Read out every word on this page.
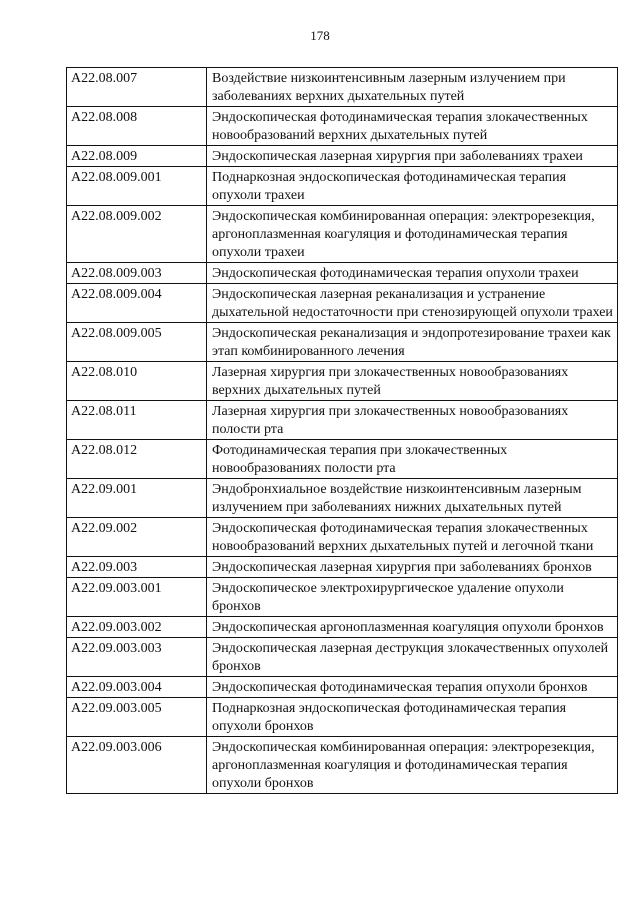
178
A22.08.007	Воздействие низкоинтенсивным лазерным излучением при заболеваниях верхних дыхательных путей
A22.08.008	Эндоскопическая фотодинамическая терапия злокачественных новообразований верхних дыхательных путей
A22.08.009	Эндоскопическая лазерная хирургия при заболеваниях трахеи
A22.08.009.001	Поднаркозная эндоскопическая фотодинамическая терапия опухоли трахеи
A22.08.009.002	Эндоскопическая комбинированная операция: электрорезекция, аргоноплазменная коагуляция и фотодинамическая терапия опухоли трахеи
A22.08.009.003	Эндоскопическая фотодинамическая терапия опухоли трахеи
A22.08.009.004	Эндоскопическая лазерная реканализация и устранение дыхательной недостаточности при стенозирующей опухоли трахеи
A22.08.009.005	Эндоскопическая реканализация и эндопротезирование трахеи как этап комбинированного лечения
A22.08.010	Лазерная хирургия при злокачественных новообразованиях верхних дыхательных путей
A22.08.011	Лазерная хирургия при злокачественных новообразованиях полости рта
A22.08.012	Фотодинамическая терапия при злокачественных новообразованиях полости рта
A22.09.001	Эндобронхиальное воздействие низкоинтенсивным лазерным излучением при заболеваниях нижних дыхательных путей
A22.09.002	Эндоскопическая фотодинамическая терапия злокачественных новообразований верхних дыхательных путей и легочной ткани
A22.09.003	Эндоскопическая лазерная хирургия при заболеваниях бронхов
A22.09.003.001	Эндоскопическое электрохирургическое удаление опухоли бронхов
A22.09.003.002	Эндоскопическая аргоноплазменная коагуляция опухоли бронхов
A22.09.003.003	Эндоскопическая лазерная деструкция злокачественных опухолей бронхов
A22.09.003.004	Эндоскопическая фотодинамическая терапия опухоли бронхов
A22.09.003.005	Поднаркозная эндоскопическая фотодинамическая терапия опухоли бронхов
A22.09.003.006	Эндоскопическая комбинированная операция: электрорезекция, аргоноплазменная коагуляция и фотодинамическая терапия опухоли бронхов
